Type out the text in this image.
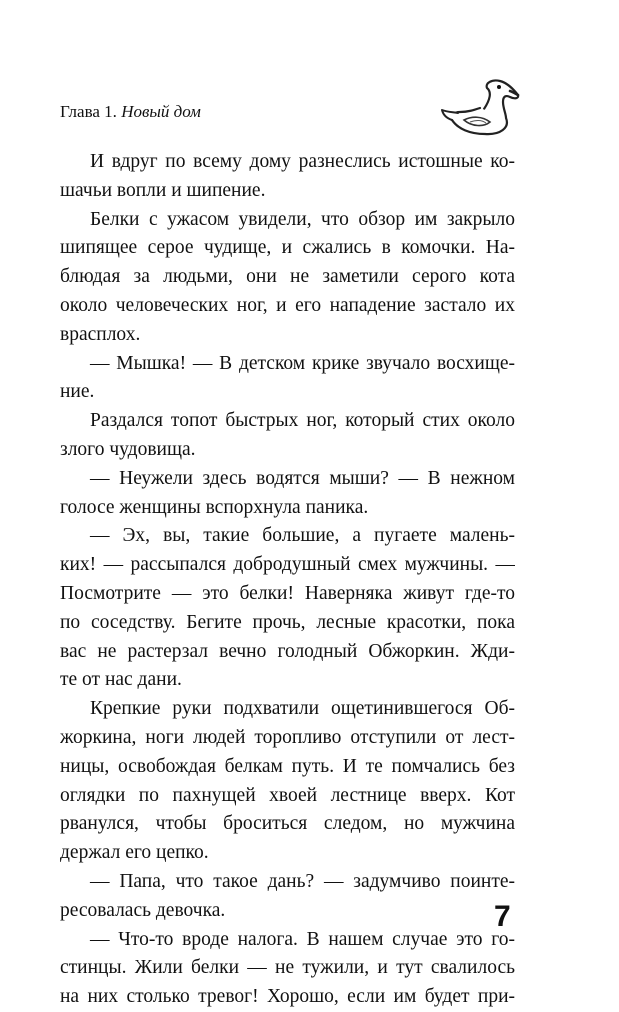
Глава 1. Новый дом
И вдруг по всему дому разнеслись истошные ко-
шачьи вопли и шипение.
Белки с ужасом увидели, что обзор им закрыло
шипящее серое чудище, и сжались в комочки. На-
блюдая за людьми, они не заметили серого кота
около человеческих ног, и его нападение застало их
врасплох.
— Мышка! — В детском крике звучало восхище-
ние.
Раздался топот быстрых ног, который стих около
злого чудовища.
— Неужели здесь водятся мыши? — В нежном
голосе женщины вспорхнула паника.
— Эх, вы, такие большие, а пугаете малень-
ких! — рассыпался добродушный смех мужчины. —
Посмотрите — это белки! Наверняка живут где-то
по соседству. Бегите прочь, лесные красотки, пока
вас не растерзал вечно голодный Обжоркин. Жди-
те от нас дани.
Крепкие руки подхватили ощетинившегося Об-
жоркина, ноги людей торопливо отступили от лест-
ницы, освобождая белкам путь. И те помчались без
оглядки по пахнущей хвоей лестнице вверх. Кот
рванулся, чтобы броситься следом, но мужчина
держал его цепко.
— Папа, что такое дань? — задумчиво поинте-
ресовалась девочка.
— Что-то вроде налога. В нашем случае это го-
стинцы. Жили белки — не тужили, и тут свалилось
на них столько тревог! Хорошо, если им будет при-
7
